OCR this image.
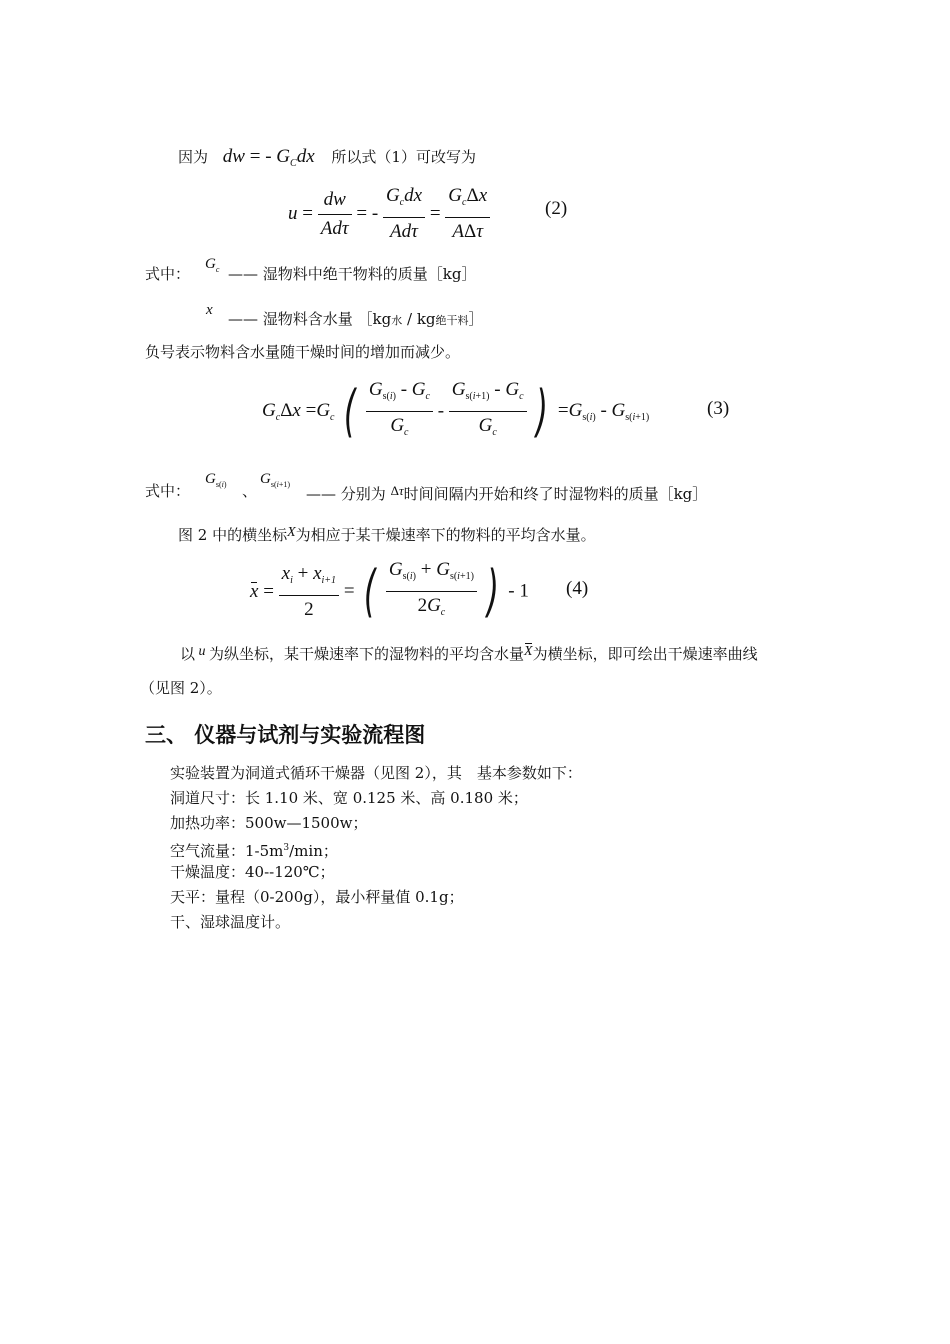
因为 dw = - $G_Cdx$ 所以式（1）可改写为
$u = \frac{dw}{\text{Adτ}}$ = - $\frac{G_cdx}{\text{Adτ}} = \frac{G_c\Delta x}{\text{AΔτ}}$	(2)
式中：
$G_c$ —— 湿物料中绝干物料的质量［kg］
x —— 湿物料含水量 ［kg水 / kg绝干料］
负号表示物料含水量随干燥时间的增加而减少。
$G_c\Delta x =G_c$ ( $\frac{G_{s(i)} - G_c}{G_c} - \frac{G_{s(i+1)} - G_c}{G_c}$ ) $=G_{s(i)} - G_{s(i+1)}$	(3)
式中：
$G_{s(i)}$ 、
$G_{s(i+1)}$
—— 分别为 Δτ时间间隔内开始和终了时湿物料的质量［kg］
图 2 中的横坐标X为相应于某干燥速率下的物料的平均含水量。
$x = \frac{x_i + x_{i+1}}{2}$ = ( $\frac{G_{s(i)} + G_{s(i+1)}}{2G_c}$ ) - 1 (4)
以 u 为纵坐标，某干燥速率下的湿物料的平均含水量X为横坐标，即可绘出干燥速率曲线
（见图 2）。
三、 仪器与试剂与实验流程图
实验装置为洞道式循环干燥器（见图 2），其　基本参数如下：
洞道尺寸：长 1.10 米、宽 0.125 米、高 0.180 米；
加热功率：500w—1500w；
空气流量：$1-5m^3/\min$；
干燥温度：40--120℃；
天平：量程（0-200g），最小秤量值 0.1g；
干、湿球温度计。
